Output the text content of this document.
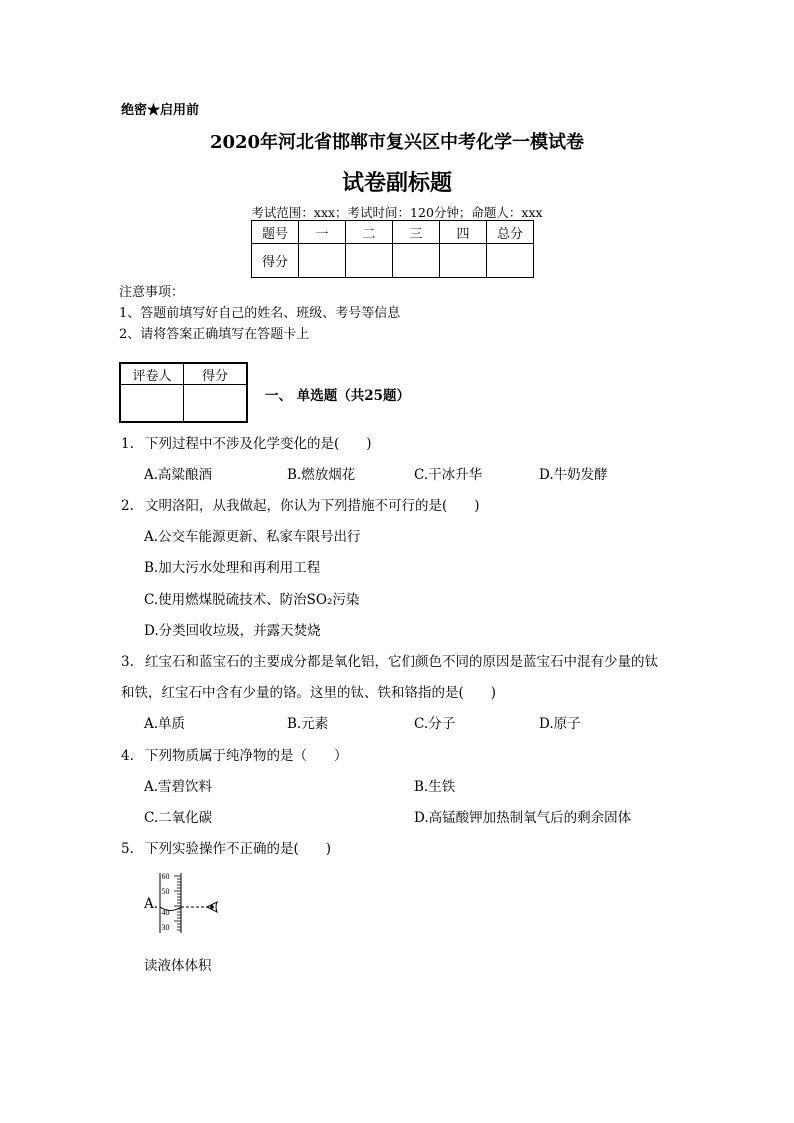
绝密★启用前
2020年河北省邯郸市复兴区中考化学一模试卷
试卷副标题
考试范围：xxx；考试时间：120分钟；命题人：xxx
题号	一	二	三	四	总分
得分					
注意事项：
1、答题前填写好自己的姓名、班级、考号等信息
2、请将答案正确填写在答题卡上
评卷人	得分

一、 单选题（共25题）
1. 下列过程中不涉及化学变化的是(　　)
A.高粱酿酒	B.燃放烟花	C.干冰升华	D.牛奶发酵
2. 文明洛阳，从我做起，你认为下列措施不可行的是(　　)
A.公交车能源更新、私家车限号出行
B.加大污水处理和再利用工程
C.使用燃煤脱硫技术、防治SO₂污染
D.分类回收垃圾，并露天焚烧
3. 红宝石和蓝宝石的主要成分都是氧化铝，它们颜色不同的原因是蓝宝石中混有少量的钛
和铁，红宝石中含有少量的铬。这里的钛、铁和铬指的是(　　)
A.单质	B.元素	C.分子	D.原子
4. 下列物质属于纯净物的是（　　）
A.雪碧饮料	B.生铁
C.二氧化碳	D.高锰酸钾加热制氧气后的剩余固体
5. 下列实验操作不正确的是(　　)
A.
60
50
40
30
读液体体积
